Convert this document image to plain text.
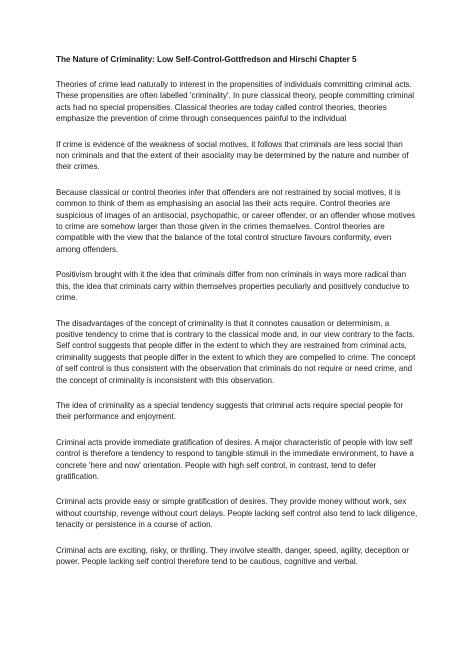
The Nature of Criminality: Low Self-Control-Gottfredson and Hirschi Chapter 5

Theories of crime lead naturally to interest in the propensities of individuals committing criminal acts. These propensities are often labelled 'criminality'. In pure classical theory, people committing criminal acts had no special propensities. Classical theories are today called control theories, theories emphasize the prevention of crime through consequences painful to the individual

If crime is evidence of the weakness of social motives, it follows that criminals are less social than non criminals and that the extent of their asociality may be determined by the nature and number of their crimes.

Because classical or control theories infer that offenders are not restrained by social motives, it is common to think of them as emphasising an asocial las their acts require. Control theories are suspicious of images of an antisocial, psychopathic, or career offender, or an offender whose motives to crime are somehow larger than those given in the crimes themselves. Control theories are compatible with the view that the balance of the total control structure favours conformity, even among offenders.

Positivism brought with it the idea that criminals differ from non criminals in ways more radical than this, the idea that criminals carry within themselves properties peculiarly and positively conducive to crime.

The disadvantages of the concept of criminality is that it connotes causation or determinism, a positive tendency to crime that is contrary to the classical mode and, in our view contrary to the facts. Self control suggests that people differ in the extent to which they are restrained from criminal acts, criminality suggests that people differ in the extent to which they are compelled to crime. The concept of self control is thus consistent with the observation that criminals do not require or need crime, and the concept of criminality is inconsistent with this observation.

The idea of criminality as a special tendency suggests that criminal acts require special people for their performance and enjoyment.

Criminal acts provide immediate gratification of desires. A major characteristic of people with low self control is therefore a tendency to respond to tangible stimuli in the immediate environment, to have a concrete 'here and now' orientation. People with high self control, in contrast, tend to defer gratification.

Criminal acts provide easy or simple gratification of desires. They provide money without work, sex without courtship, revenge without court delays. People lacking self control also tend to lack diligence, tenacity or persistence in a course of action.

Criminal acts are exciting, risky, or thrilling. They involve stealth, danger, speed, agility, deception or power. People lacking self control therefore tend to be cautious, cognitive and verbal.
